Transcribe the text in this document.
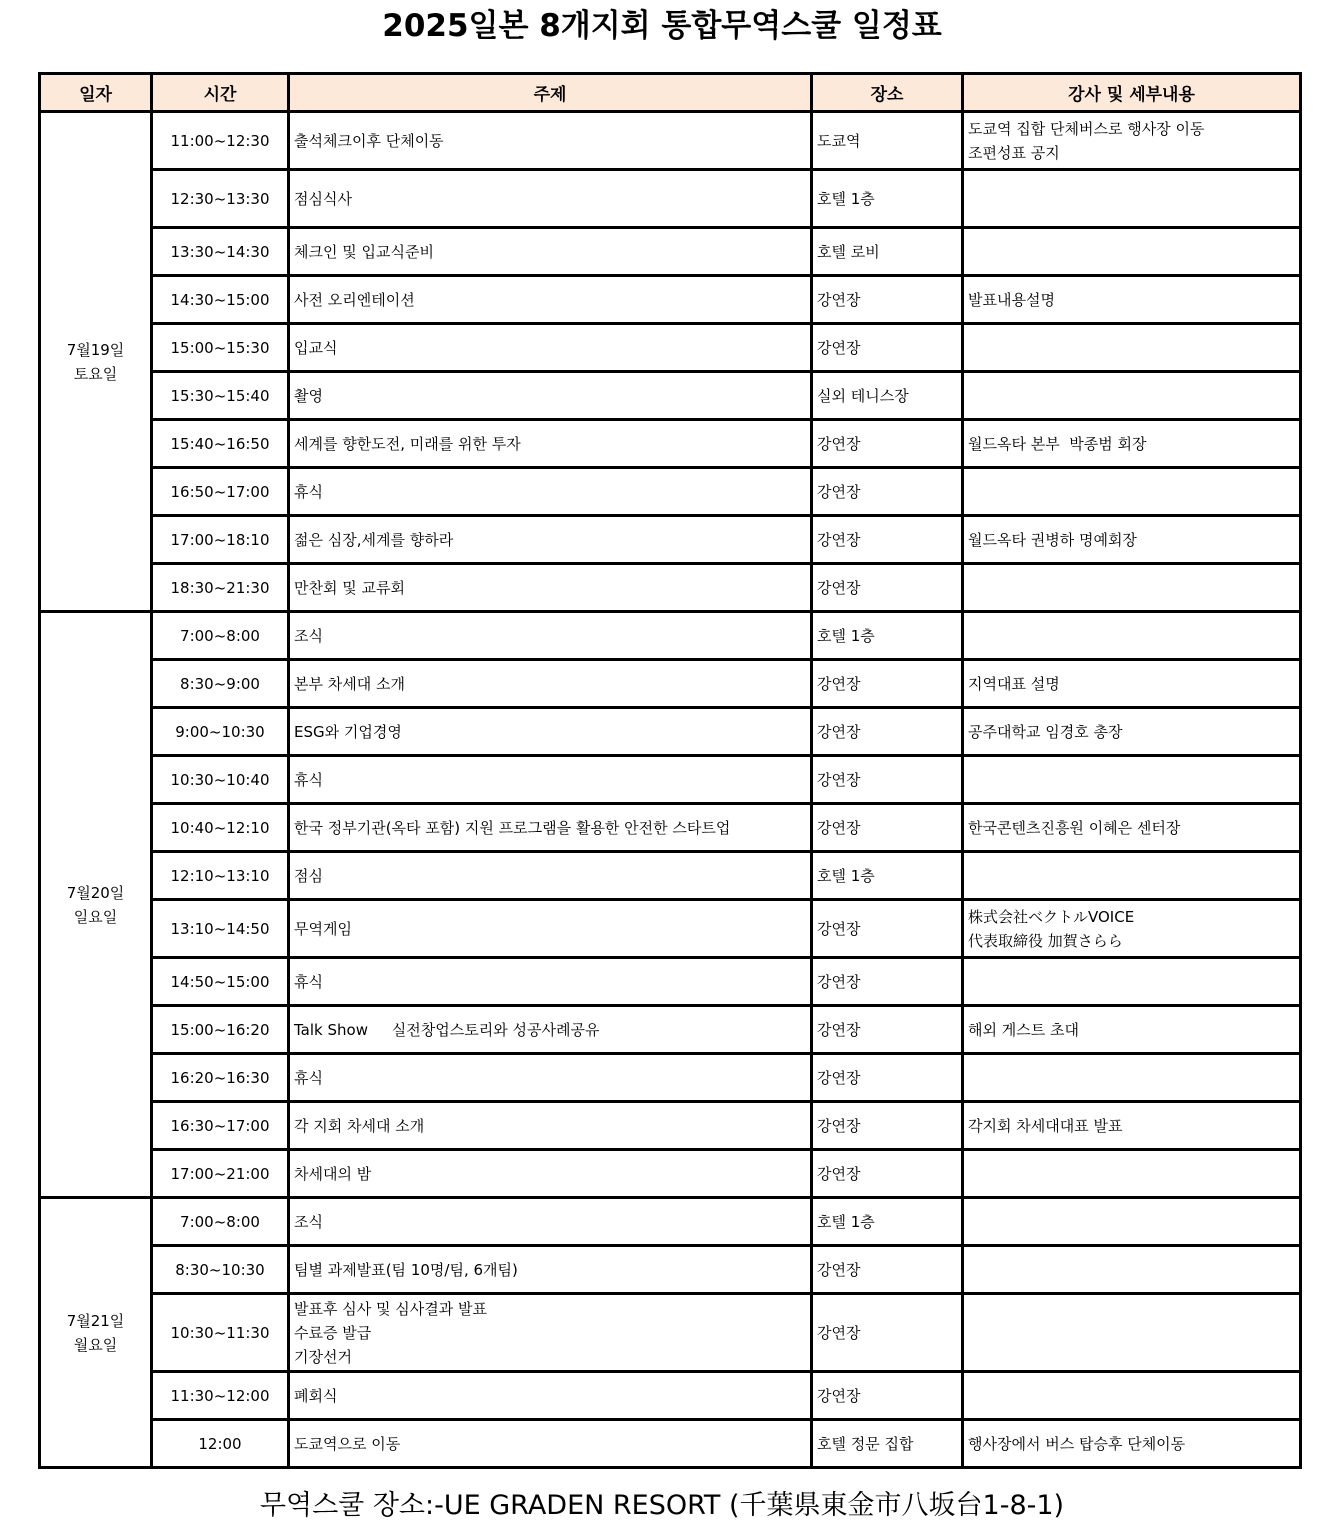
2025일본 8개지회 통합무역스쿨 일정표
일자	시간	주제	장소	강사 및 세부내용

7월19일
토요일	11:00~12:30	출석체크이후 단체이동	도쿄역	도쿄역 집합 단체버스로 행사장 이동
조편성표 공지

	12:30~13:30	점심식사	호텔 1층	
	13:30~14:30	체크인 및 입교식준비	호텔 로비	
	14:30~15:00	사전 오리엔테이션	강연장	발표내용설명

	15:00~15:30	입교식	강연장	
	15:30~15:40	촬영	실외 테니스장	
	15:40~16:50	세계를 향한도전, 미래를 위한 투자	강연장	월드옥타 본부  박종범 회장

	16:50~17:00	휴식	강연장	
	17:00~18:10	젊은 심장,세계를 향하라	강연장	월드옥타 권병하 명예회장

	18:30~21:30	만찬회 및 교류회	강연장	

7월20일
일요일	7:00~8:00	조식	호텔 1층	
	8:30~9:00	본부 차세대 소개	강연장	지역대표 설명

	9:00~10:30	ESG와 기업경영	강연장	공주대학교 임경호 총장

	10:30~10:40	휴식	강연장	
	10:40~12:10	한국 정부기관(옥타 포함) 지원 프로그램을 활용한 안전한 스타트업	강연장	한국콘텐츠진흥원 이혜은 센터장

	12:10~13:10	점심	호텔 1층	
	13:10~14:50	무역게임	강연장	株式会社ベクトルVOICE
代表取締役 加賀さらら

	14:50~15:00	휴식	강연장	
	15:00~16:20	Talk Show     실전창업스토리와 성공사례공유	강연장	해외 게스트 초대

	16:20~16:30	휴식	강연장	
	16:30~17:00	각 지회 차세대 소개	강연장	각지회 차세대대표 발표

	17:00~21:00	차세대의 밤	강연장	

7월21일
월요일	7:00~8:00	조식	호텔 1층	
	8:30~10:30	팀별 과제발표(팀 10명/팀, 6개팀)	강연장	
	10:30~11:30	발표후 심사 및 심사결과 발표
수료증 발급
기장선거	강연장	
	11:30~12:00	폐회식	강연장	
	12:00	도쿄역으로 이동	호텔 정문 집합	행사장에서 버스 탑승후 단체이동
무역스쿨 장소:-UE GRADEN RESORT (千葉県東金市八坂台1-8-1)
